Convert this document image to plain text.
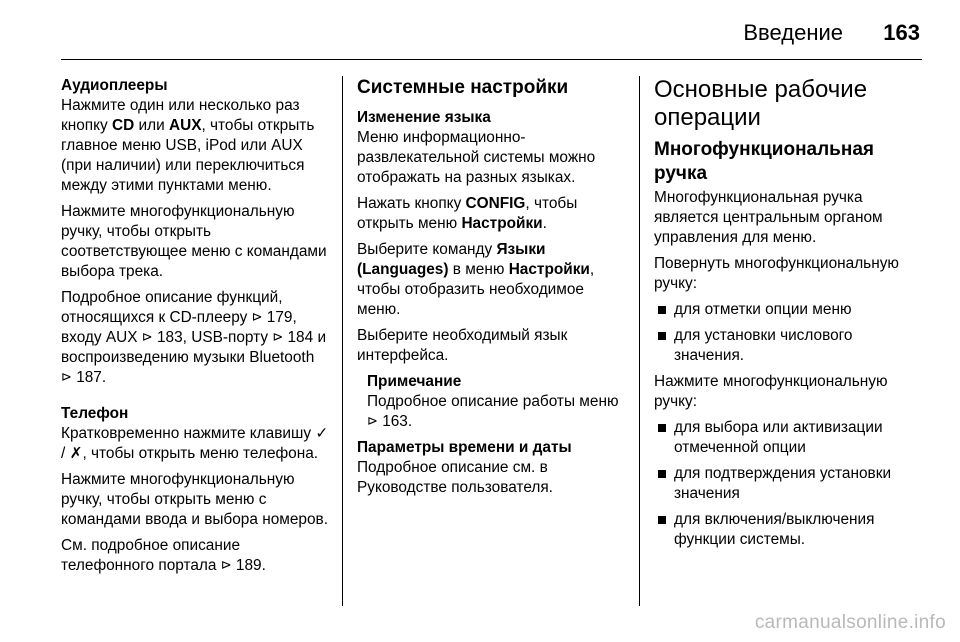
Введение 163
Аудиоплееры

Нажмите один или несколько раз кнопку CD или AUX, чтобы открыть главное меню USB, iPod или AUX (при наличии) или переключиться между этими пунктами меню.

Нажмите многофункциональную ручку, чтобы открыть соответствующее меню с командами выбора трека.

Подробное описание функций, относящихся к CD-плееру ⊳ 179, входу AUX ⊳ 183, USB-порту ⊳ 184 и воспроизведению музыки Bluetooth ⊳ 187.

Телефон

Кратковременно нажмите клавишу ✓ / ✗, чтобы открыть меню телефона.

Нажмите многофункциональную ручку, чтобы открыть меню с командами ввода и выбора номеров.

См. подробное описание телефонного портала ⊳ 189.

Системные настройки
Изменение языка

Меню информационно-развлекательной системы можно отображать на разных языках.

Нажать кнопку CONFIG, чтобы открыть меню Настройки.

Выберите команду Языки (Languages) в меню Настройки, чтобы отобразить необходимое меню.

Выберите необходимый язык интерфейса.

Примечание

Подробное описание работы меню ⊳ 163.

Параметры времени и даты

Подробное описание см. в Руководстве пользователя.

Основные рабочие операции
Многофункциональная ручка

Многофункциональная ручка является центральным органом управления для меню.

Повернуть многофункциональную ручку:

для отметки опции меню
для установки числового значения.

Нажмите многофункциональную ручку:

для выбора или активизации отмеченной опции
для подтверждения установки значения
для включения/выключения функции системы.
carmanualsonline.info
